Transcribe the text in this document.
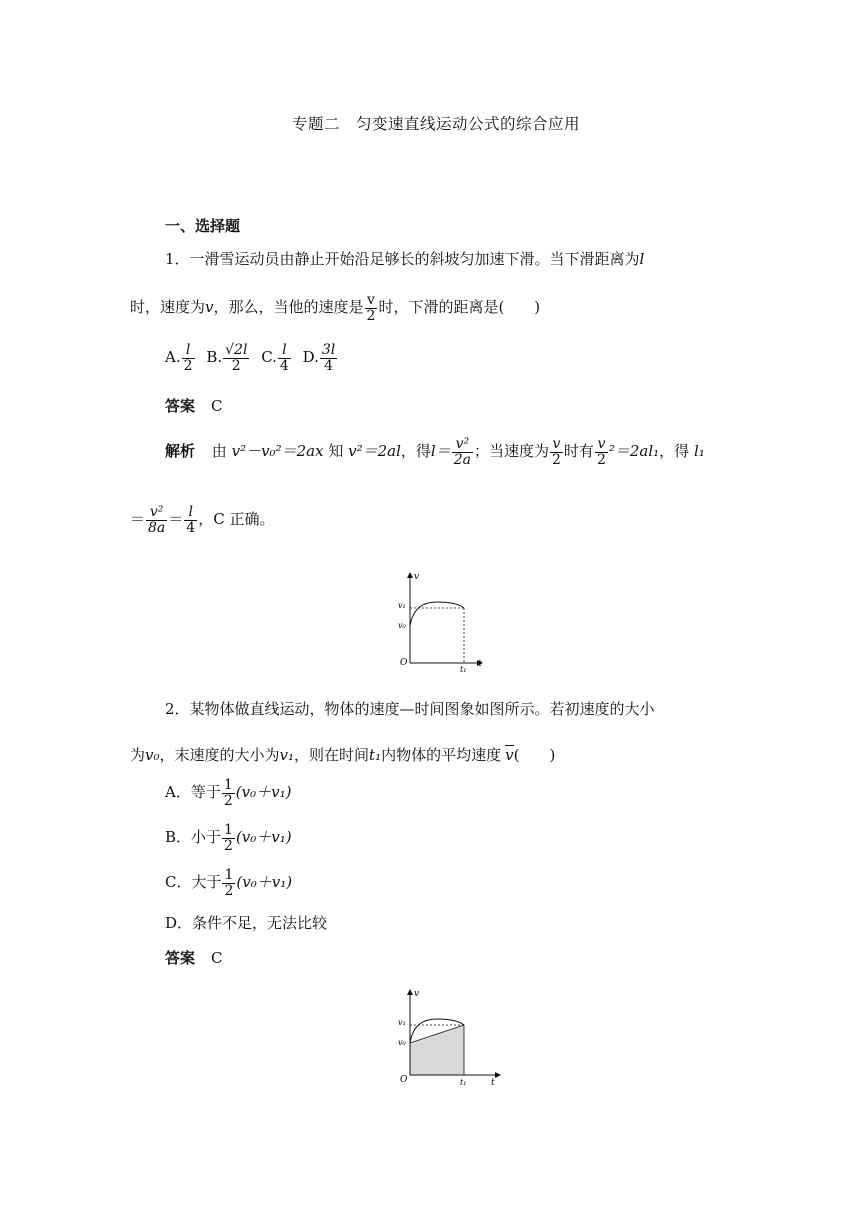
专题二　匀变速直线运动公式的综合应用
一、选择题
1．一滑雪运动员由静止开始沿足够长的斜坡匀加速下滑。当下滑距离为l
时，速度为v，那么，当他的速度是 $\frac{v}{2}$ 时，下滑的距离是(　　)
A. $\frac{l}{2} B$. $\frac{√2l}{2} C$. $\frac{l}{4} D$. $\frac{3l}{4}$
答案 C
解析 由 v²－v₀²＝2ax 知 v²＝2al，得$l= \frac{\text{v²}}{2a}$ ；当速度为 $\frac{v}{2}$ 时有 $\frac{v}{2} ^2=2al_1$，得 l₁
＝ $\frac{\text{v²}}{8a} = \frac{l}{4}$ ，C 正确。
v
t
O
v₁
v₀
t₁
2．某物体做直线运动，物体的速度—时间图象如图所示。若初速度的大小
为v₀，末速度的大小为v₁，则在时间t₁内物体的平均速度 v(　　)
A．等于 $\frac{1}{2} (v_0+v_1)$
B．小于 $\frac{1}{2} (v_0+v_1)$
C．大于 $\frac{1}{2} (v_0+v_1)$
D．条件不足，无法比较
答案 C
v
t
O
v₁
v₀
t₁
